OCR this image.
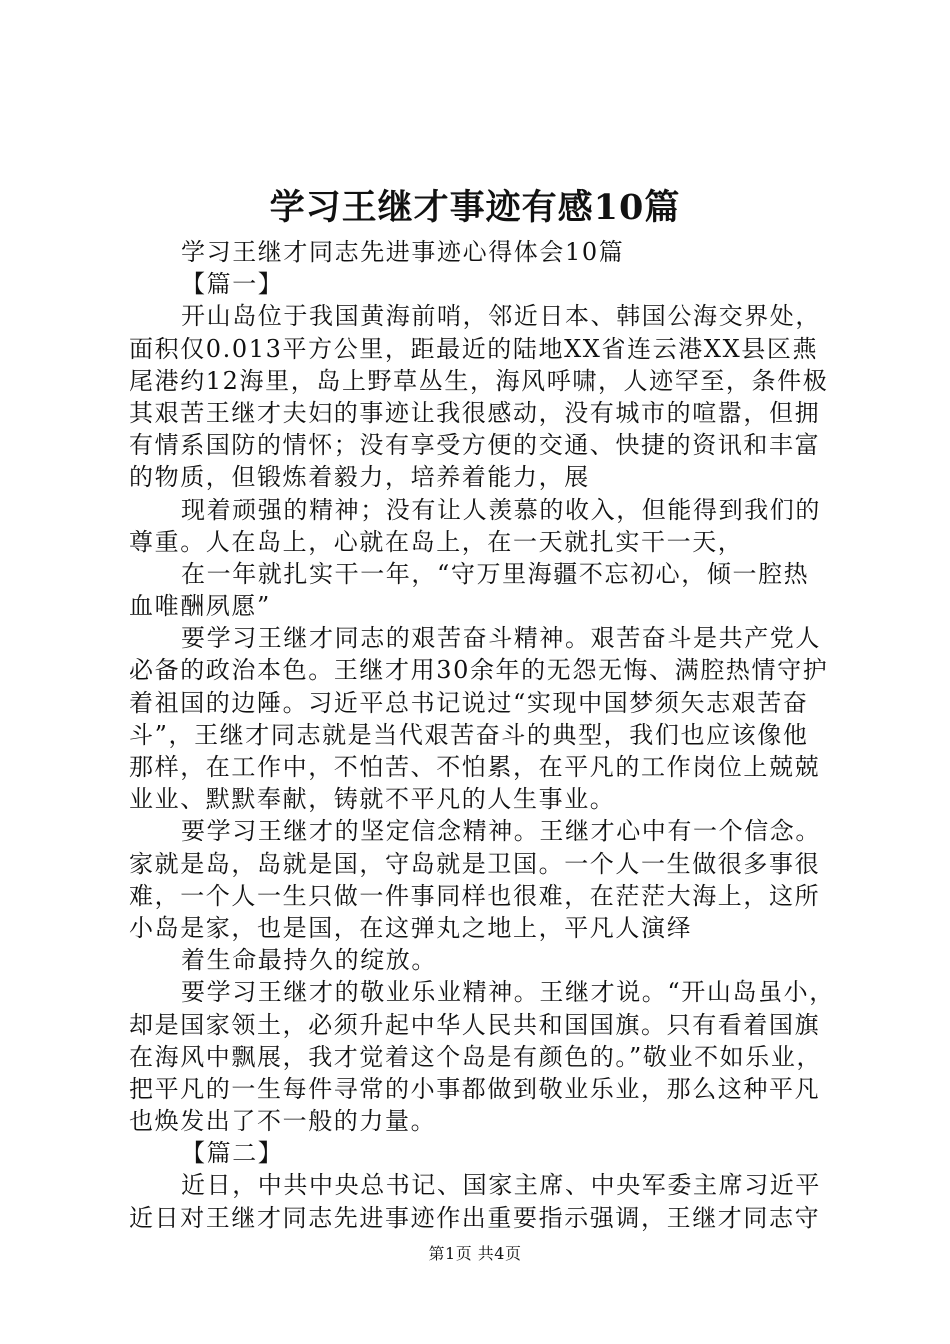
学习王继才事迹有感10篇
学习王继才同志先进事迹心得体会10篇
【篇一】
开山岛位于我国黄海前哨，邻近日本、韩国公海交界处，
面积仅0.013平方公里，距最近的陆地XX省连云港XX县区燕
尾港约12海里，岛上野草丛生，海风呼啸，人迹罕至，条件极
其艰苦王继才夫妇的事迹让我很感动，没有城市的喧嚣，但拥
有情系国防的情怀；没有享受方便的交通、快捷的资讯和丰富
的物质，但锻炼着毅力，培养着能力，展
现着顽强的精神；没有让人羡慕的收入，但能得到我们的
尊重。人在岛上，心就在岛上，在一天就扎实干一天，
在一年就扎实干一年，“守万里海疆不忘初心，倾一腔热
血唯酬夙愿”
要学习王继才同志的艰苦奋斗精神。艰苦奋斗是共产党人
必备的政治本色。王继才用30余年的无怨无悔、满腔热情守护
着祖国的边陲。习近平总书记说过“实现中国梦须矢志艰苦奋
斗”，王继才同志就是当代艰苦奋斗的典型，我们也应该像他
那样，在工作中，不怕苦、不怕累，在平凡的工作岗位上兢兢
业业、默默奉献，铸就不平凡的人生事业。
要学习王继才的坚定信念精神。王继才心中有一个信念。
家就是岛，岛就是国，守岛就是卫国。一个人一生做很多事很
难，一个人一生只做一件事同样也很难，在茫茫大海上，这所
小岛是家，也是国，在这弹丸之地上，平凡人演绎
着生命最持久的绽放。
要学习王继才的敬业乐业精神。王继才说。“开山岛虽小，
却是国家领土，必须升起中华人民共和国国旗。只有看着国旗
在海风中飘展，我才觉着这个岛是有颜色的。”敬业不如乐业，
把平凡的一生每件寻常的小事都做到敬业乐业，那么这种平凡
也焕发出了不一般的力量。
【篇二】
近日，中共中央总书记、国家主席、中央军委主席习近平
近日对王继才同志先进事迹作出重要指示强调，王继才同志守
第1页 共4页
